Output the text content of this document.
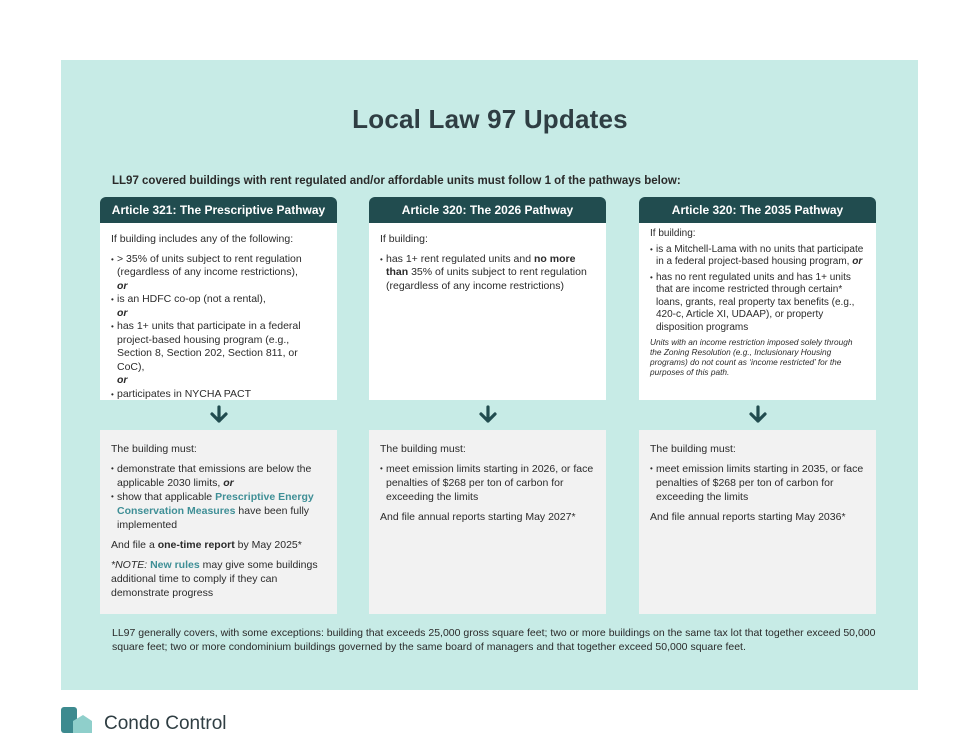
Local Law 97 Updates
LL97 covered buildings with rent regulated and/or affordable units must follow 1 of the pathways below:
Article 321: The Prescriptive Pathway

If building includes any of the following:

• > 35% of units subject to rent regulation (regardless of any income restrictions),
or
• is an HDFC co-op (not a rental),
or
• has 1+ units that participate in a federal project-based housing program (e.g., Section 8, Section 202, Section 811, or CoC),
or
• participates in NYCHA PACT

The building must:

• demonstrate that emissions are below the applicable 2030 limits, or
• show that applicable Prescriptive Energy Conservation Measures have been fully implemented

And file a one-time report by May 2025*

*NOTE: New rules may give some buildings additional time to comply if they can demonstrate progress

Article 320: The 2026 Pathway

If building:

• has 1+ rent regulated units and no more than 35% of units subject to rent regulation (regardless of any income restrictions)

The building must:

• meet emission limits starting in 2026, or face penalties of $268 per ton of carbon for exceeding the limits

And file annual reports starting May 2027*

Article 320: The 2035 Pathway

If building:

• is a Mitchell-Lama with no units that participate in a federal project-based housing program, or
• has no rent regulated units and has 1+ units that are income restricted through certain* loans, grants, real property tax benefits (e.g., 420-c, Article XI, UDAAP), or property disposition programs
Units with an income restriction imposed solely through the Zoning Resolution (e.g., Inclusionary Housing programs) do not count as ‘income restricted’ for the purposes of this path.

The building must:

• meet emission limits starting in 2035, or face penalties of $268 per ton of carbon for exceeding the limits

And file annual reports starting May 2036*

LL97 generally covers, with some exceptions: building that exceeds 25,000 gross square feet; two or more buildings on the same tax lot that together exceed 50,000 square feet; two or more condominium buildings governed by the same board of managers and that together exceed 50,000 square feet.
Condo Control
